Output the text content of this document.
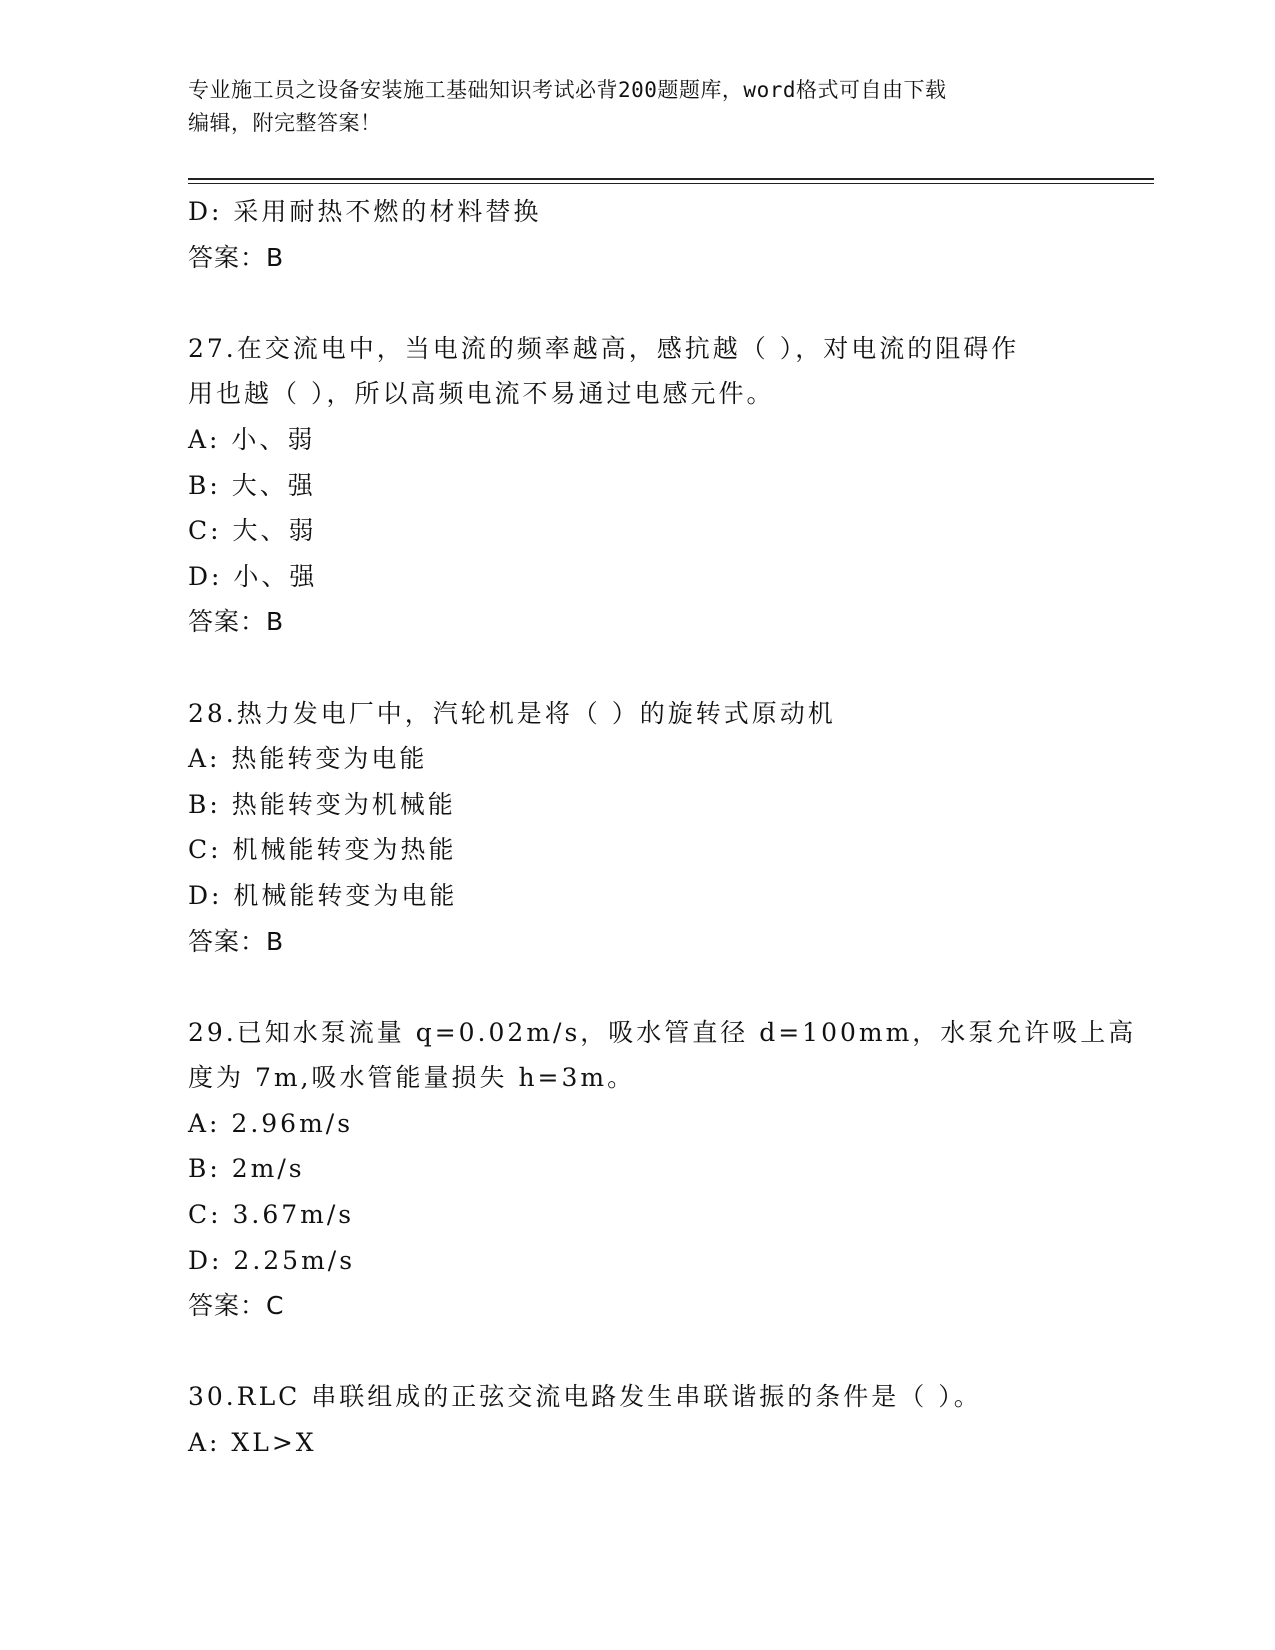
专业施工员之设备安装施工基础知识考试必背200题题库，word格式可自由下载
编辑，附完整答案！
D: 采用耐热不燃的材料替换
答案：B
27.在交流电中，当电流的频率越高，感抗越（ ），对电流的阻碍作
用也越（ ），所以高频电流不易通过电感元件。
A: 小、弱
B: 大、强
C: 大、弱
D: 小、强
答案：B
28.热力发电厂中，汽轮机是将（ ）的旋转式原动机
A: 热能转变为电能
B: 热能转变为机械能
C: 机械能转变为热能
D: 机械能转变为电能
答案：B
29.已知水泵流量 q=0.02m/s，吸水管直径 d=100mm，水泵允许吸上高
度为 7m,吸水管能量损失 h=3m。
A: 2.96m/s
B: 2m/s
C: 3.67m/s
D: 2.25m/s
答案：C
30.RLC 串联组成的正弦交流电路发生串联谐振的条件是（ ）。
A: XL>X
